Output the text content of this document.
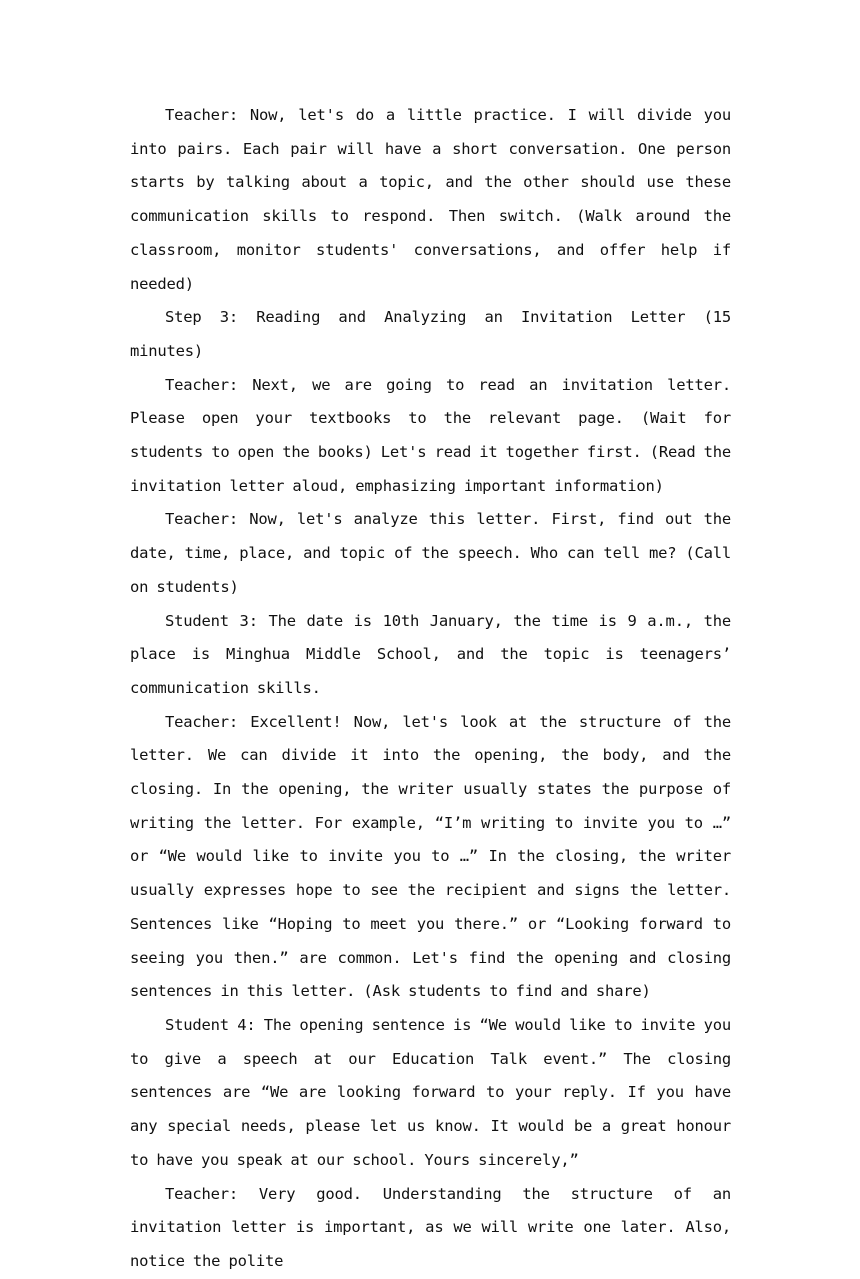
Teacher: Now, let's do a little practice. I will divide you into pairs. Each pair will have a short conversation. One person starts by talking about a topic, and the other should use these communication skills to respond. Then switch. (Walk around the classroom, monitor students' conversations, and offer help if needed)

Step 3: Reading and Analyzing an Invitation Letter (15 minutes)

Teacher: Next, we are going to read an invitation letter. Please open your textbooks to the relevant page. (Wait for students to open the books) Let's read it together first. (Read the invitation letter aloud, emphasizing important information)

Teacher: Now, let's analyze this letter. First, find out the date, time, place, and topic of the speech. Who can tell me? (Call on students)

Student 3: The date is 10th January, the time is 9 a.m., the place is Minghua Middle School, and the topic is teenagers’ communication skills.

Teacher: Excellent! Now, let's look at the structure of the letter. We can divide it into the opening, the body, and the closing. In the opening, the writer usually states the purpose of writing the letter. For example, “I’m writing to invite you to …” or “We would like to invite you to …” In the closing, the writer usually expresses hope to see the recipient and signs the letter. Sentences like “Hoping to meet you there.” or “Looking forward to seeing you then.” are common. Let's find the opening and closing sentences in this letter. (Ask students to find and share)

Student 4: The opening sentence is “We would like to invite you to give a speech at our Education Talk event.” The closing sentences are “We are looking forward to your reply. If you have any special needs, please let us know. It would be a great honour to have you speak at our school. Yours sincerely,”

Teacher: Very good. Understanding the structure of an invitation letter is important, as we will write one later. Also, notice the polite
